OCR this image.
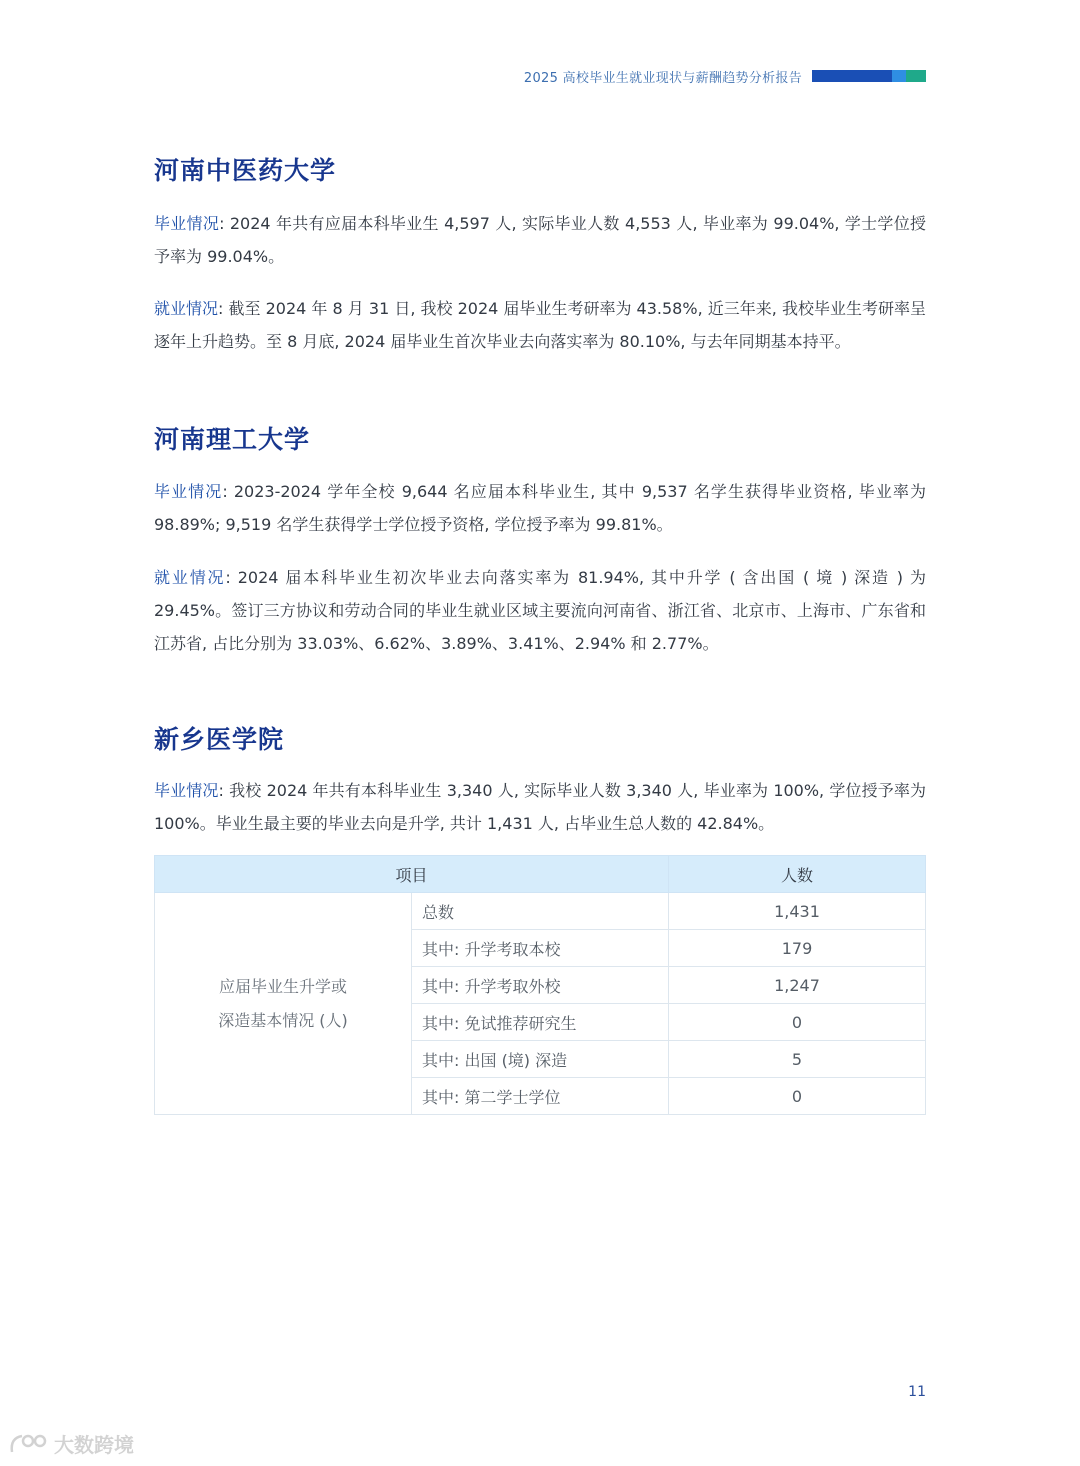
2025 高校毕业生就业现状与薪酬趋势分析报告
河南中医药大学

毕业情况: 2024 年共有应届本科毕业生 4,597 人, 实际毕业人数 4,553 人, 毕业率为 99.04%, 学士学位授予率为 99.04%。

就业情况: 截至 2024 年 8 月 31 日, 我校 2024 届毕业生考研率为 43.58%, 近三年来, 我校毕业生考研率呈逐年上升趋势。至 8 月底, 2024 届毕业生首次毕业去向落实率为 80.10%, 与去年同期基本持平。

河南理工大学

毕业情况: 2023-2024 学年全校 9,644 名应届本科毕业生, 其中 9,537 名学生获得毕业资格, 毕业率为 98.89%; 9,519 名学生获得学士学位授予资格, 学位授予率为 99.81%。

就业情况: 2024 届本科毕业生初次毕业去向落实率为 81.94%, 其中升学 ( 含出国 ( 境 ) 深造 ) 为 29.45%。签订三方协议和劳动合同的毕业生就业区域主要流向河南省、浙江省、北京市、上海市、广东省和江苏省, 占比分别为 33.03%、6.62%、3.89%、3.41%、2.94% 和 2.77%。

新乡医学院

毕业情况: 我校 2024 年共有本科毕业生 3,340 人, 实际毕业人数 3,340 人, 毕业率为 100%, 学位授予率为 100%。毕业生最主要的毕业去向是升学, 共计 1,431 人, 占毕业生总人数的 42.84%。

项目		人数
应届毕业生升学或
深造基本情况 (人)	总数	1,431
	其中: 升学考取本校	179
	其中: 升学考取外校	1,247
	其中: 免试推荐研究生	0
	其中: 出国 (境) 深造	5
	其中: 第二学士学位	0
11
大数跨境
